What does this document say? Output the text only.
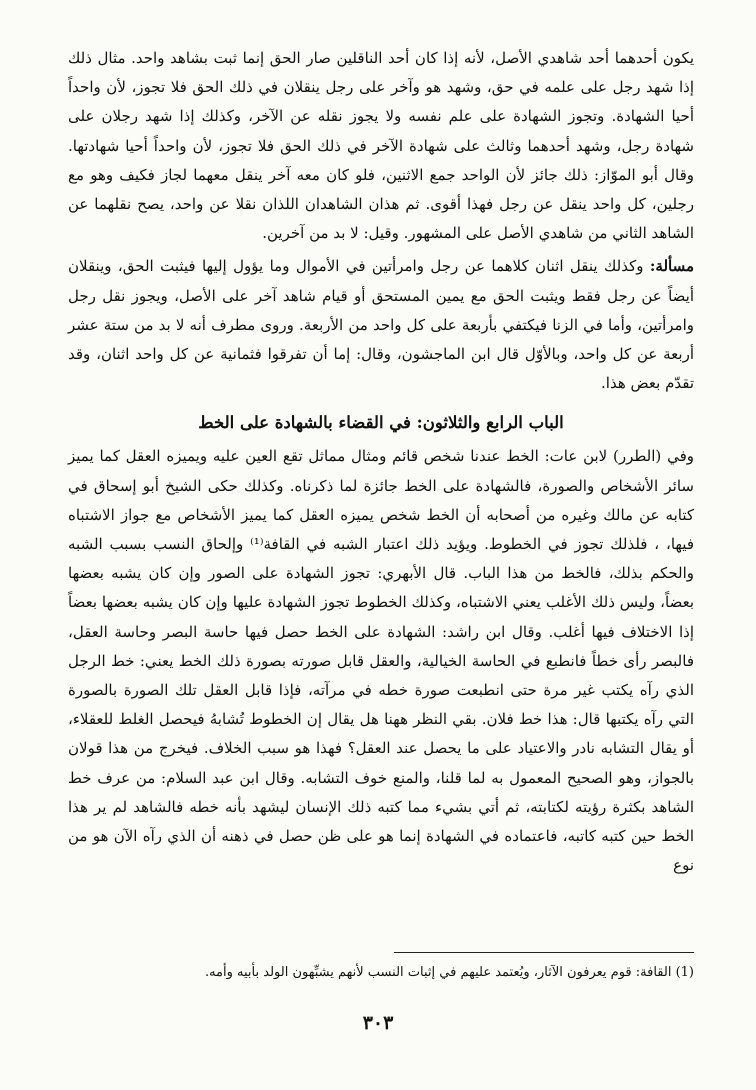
يكون أحدهما أحد شاهدي الأصل، لأنه إذا كان أحد الناقلين صار الحق إنما ثبت بشاهد واحد. مثال ذلك إذا شهد رجل على علمه في حق، وشهد هو وآخر على رجل ينقلان في ذلك الحق فلا تجوز، لأن واحداً أحيا الشهادة. وتجوز الشهادة على علم نفسه ولا يجوز نقله عن الآخر، وكذلك إذا شهد رجلان على شهادة رجل، وشهد أحدهما وثالث على شهادة الآخر في ذلك الحق فلا تجوز، لأن واحداً أحيا شهادتها. وقال أبو الموّاز: ذلك جائز لأن الواحد جمع الاثنين، فلو كان معه آخر ينقل معهما لجاز فكيف وهو مع رجلين، كل واحد ينقل عن رجل فهذا أقوى. ثم هذان الشاهدان اللذان نقلا عن واحد، يصح نقلهما عن الشاهد الثاني من شاهدي الأصل على المشهور. وقيل: لا بد من آخرين.

مسألة: وكذلك ينقل اثنان كلاهما عن رجل وامرأتين في الأموال وما يؤول إليها فيثبت الحق، وينقلان أيضاً عن رجل فقط ويثبت الحق مع يمين المستحق أو قيام شاهد آخر على الأصل، ويجوز نقل رجل وامرأتين، وأما في الزنا فيكتفي بأربعة على كل واحد من الأربعة. وروى مطرف أنه لا بد من ستة عشر أربعة عن كل واحد، وبالأوّل قال ابن الماجشون، وقال: إما أن تفرقوا فثمانية عن كل واحد اثنان، وقد تقدّم بعض هذا.

الباب الرابع والثلاثون: في القضاء بالشهادة على الخط

وفي (الطرر) لابن عات: الخط عندنا شخص قائم ومثال مماثل تقع العين عليه ويميزه العقل كما يميز سائر الأشخاص والصورة، فالشهادة على الخط جائزة لما ذكرناه. وكذلك حكى الشيخ أبو إسحاق في كتابه عن مالك وغيره من أصحابه أن الخط شخص يميزه العقل كما يميز الأشخاص مع جواز الاشتباه فيها، ، فلذلك تجوز في الخطوط. ويؤيد ذلك اعتبار الشبه في القافة⁽¹⁾ وإلحاق النسب بسبب الشبه والحكم بذلك، فالخط من هذا الباب. قال الأبهري: تجوز الشهادة على الصور وإن كان يشبه بعضها بعضاً، وليس ذلك الأغلب يعني الاشتباه، وكذلك الخطوط تجوز الشهادة عليها وإن كان يشبه بعضها بعضاً إذا الاختلاف فيها أغلب. وقال ابن راشد: الشهادة على الخط حصل فيها حاسة البصر وحاسة العقل، فالبصر رأى خطاً فانطبع في الحاسة الخيالية، والعقل قابل صورته بصورة ذلك الخط يعني: خط الرجل الذي رآه يكتب غير مرة حتى انطبعت صورة خطه في مرآته، فإذا قابل العقل تلك الصورة بالصورة التي رآه يكتبها قال: هذا خط فلان. بقي النظر ههنا هل يقال إن الخطوط تُشابهُ فيحصل الغلط للعقلاء، أو يقال التشابه نادر والاعتياد على ما يحصل عند العقل؟ فهذا هو سبب الخلاف. فيخرج من هذا قولان بالجواز، وهو الصحيح المعمول به لما قلنا، والمنع خوف التشابه. وقال ابن عبد السلام: من عرف خط الشاهد بكثرة رؤيته لكتابته، ثم أتي بشيء مما كتبه ذلك الإنسان ليشهد بأنه خطه فالشاهد لم ير هذا الخط حين كتبه كاتبه، فاعتماده في الشهادة إنما هو على ظن حصل في ذهنه أن الذي رآه الآن هو من نوع

(1) القافة: قوم يعرفون الآثار، ويُعتمد عليهم في إثبات النسب لأنهم يشبِّهون الولد بأبيه وأمه.
٣٠٣
